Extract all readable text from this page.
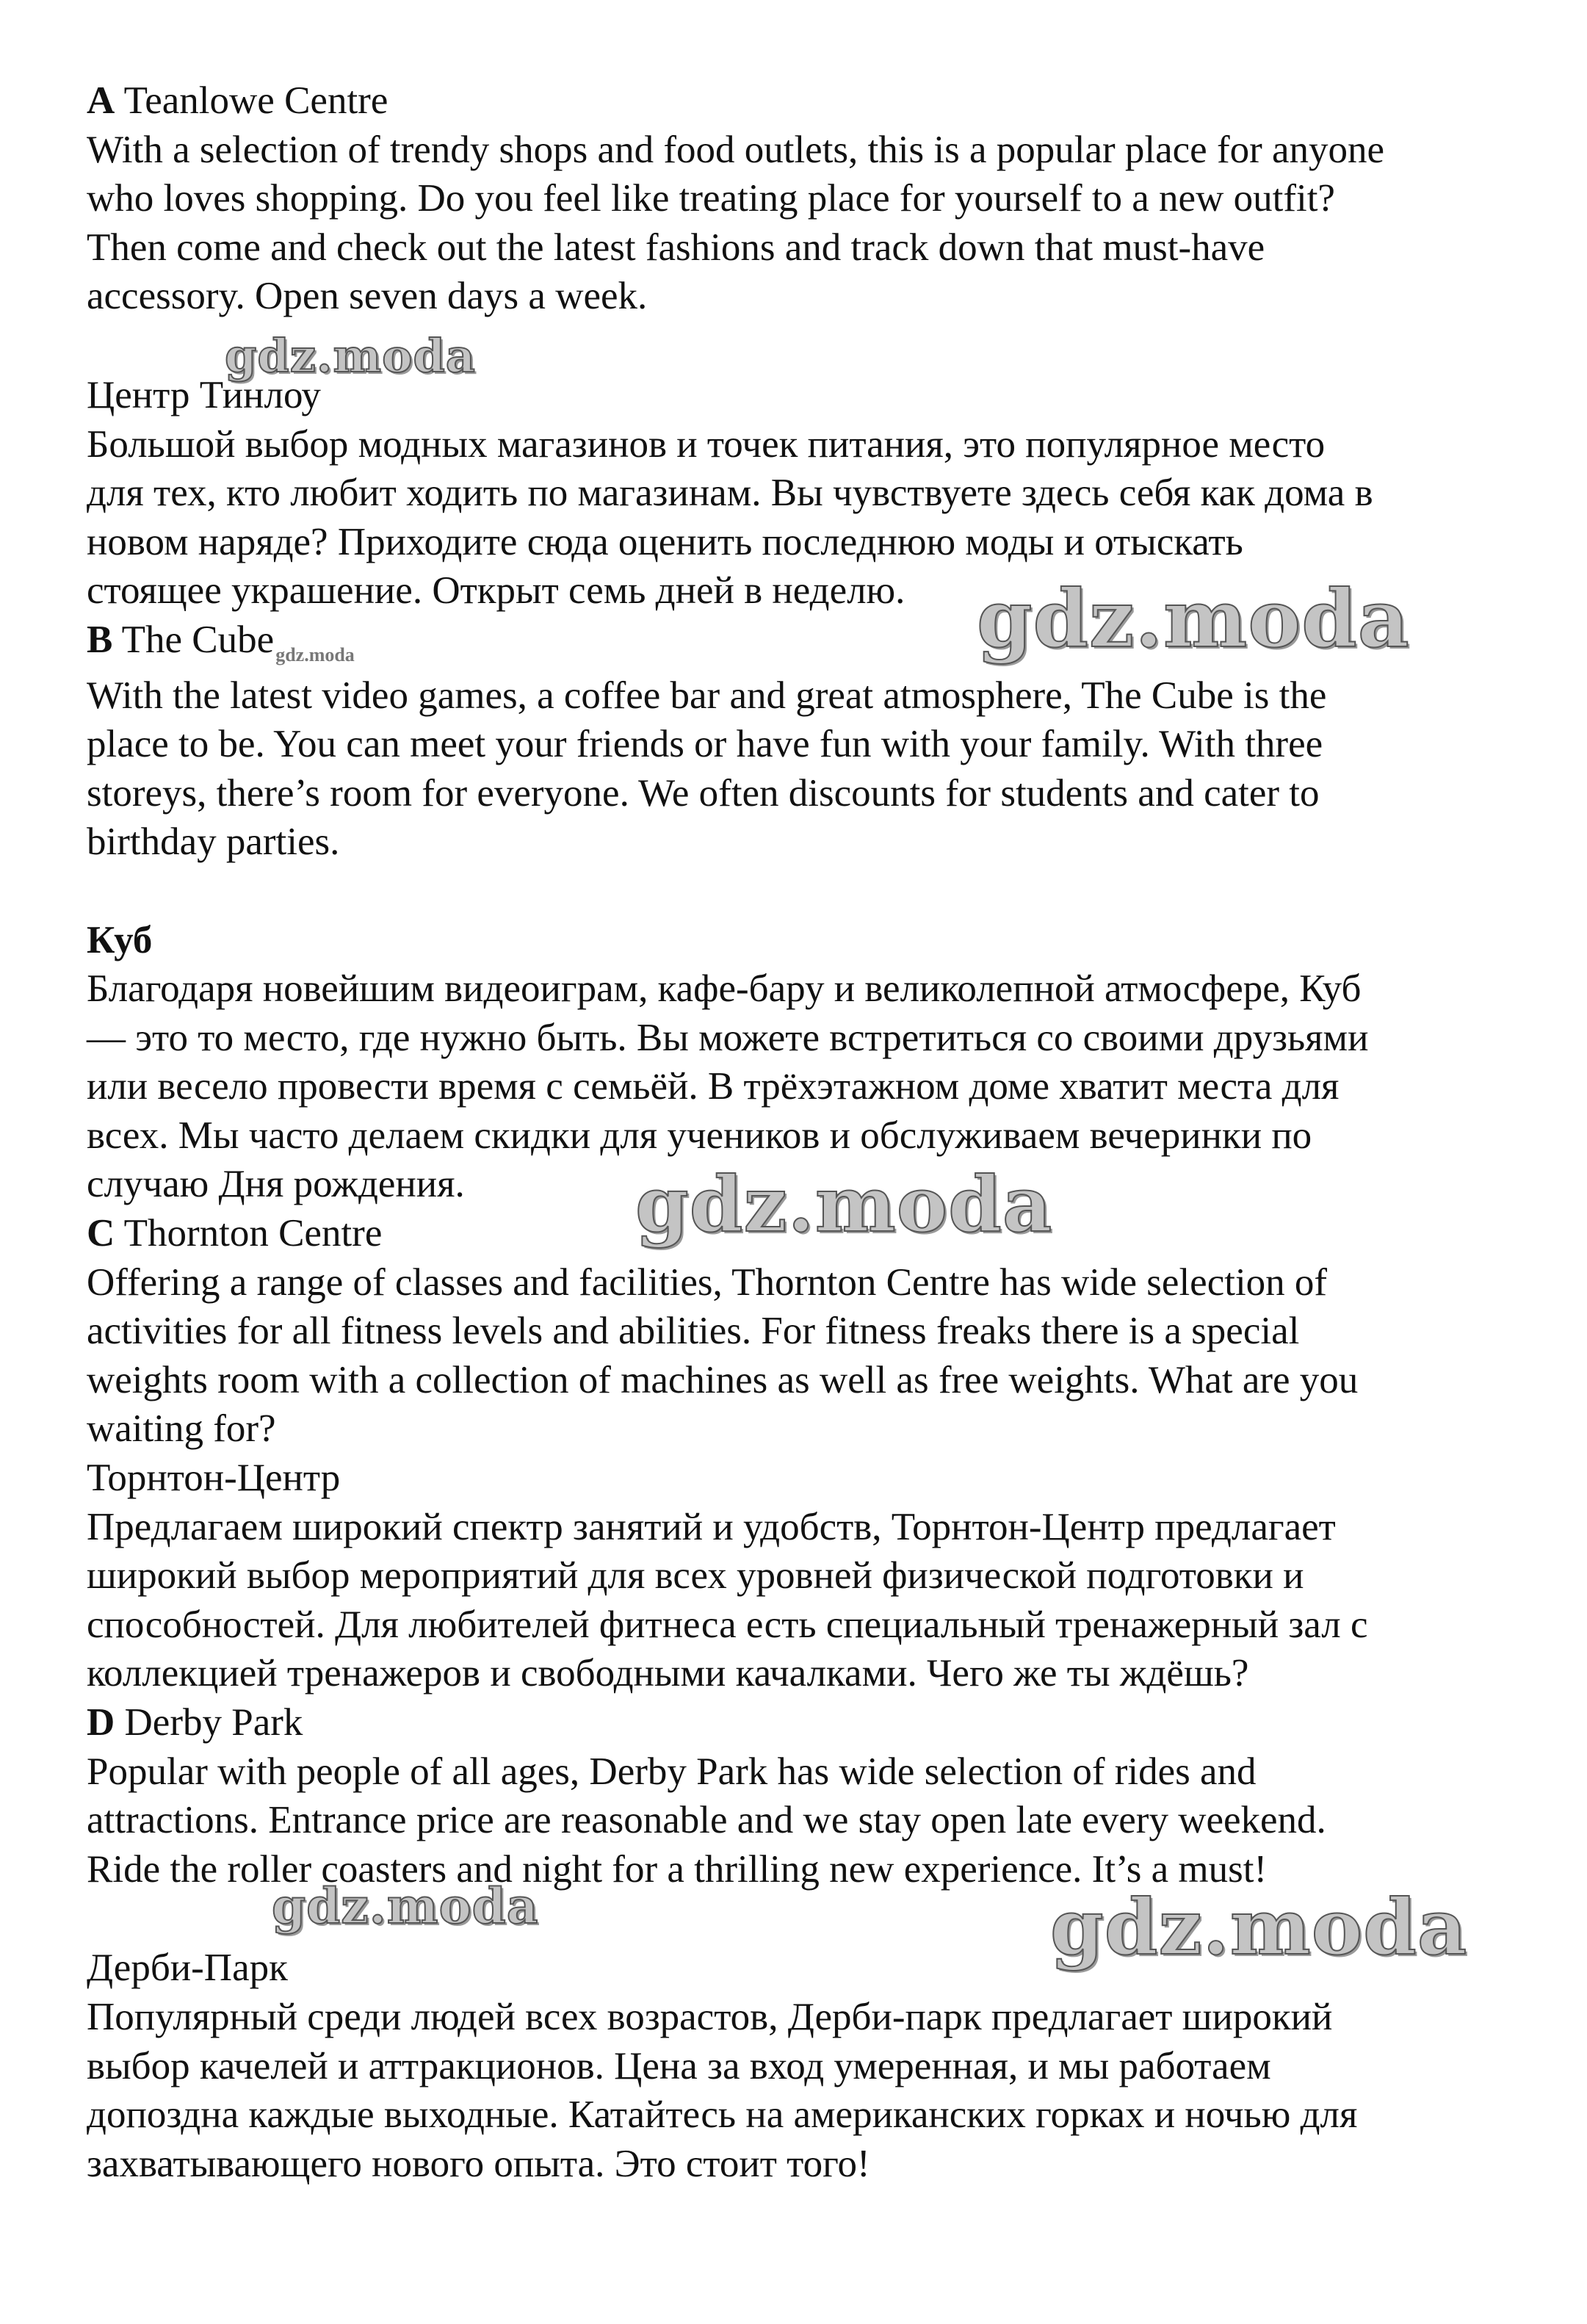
A Teanlowe Centre
With a selection of trendy shops and food outlets, this is a popular place for anyone
who loves shopping. Do you feel like treating place for yourself to a new outfit?
Then come and check out the latest fashions and track down that must-have
accessory. Open seven days a week.
Центр Тинлоу
Большой выбор модных магазинов и точек питания, это популярное место
для тех, кто любит ходить по магазинам. Вы чувствуете здесь себя как дома в
новом наряде? Приходите сюда оценить последнюю моды и отыскать
стоящее украшение. Открыт семь дней в неделю.
B The Cube$_{gdz.moda}$
With the latest video games, a coffee bar and great atmosphere, The Cube is the
place to be. You can meet your friends or have fun with your family. With three
storeys, there’s room for everyone. We often discounts for students and cater to
birthday parties.
Куб
Благодаря новейшим видеоиграм, кафе-бару и великолепной атмосфере, Куб
— это то место, где нужно быть. Вы можете встретиться со своими друзьями
или весело провести время с семьёй. В трёхэтажном доме хватит места для
всех. Мы часто делаем скидки для учеников и обслуживаем вечеринки по
случаю Дня рождения.
C Thornton Centre
Offering a range of classes and facilities, Thornton Centre has wide selection of
activities for all fitness levels and abilities. For fitness freaks there is a special
weights room with a collection of machines as well as free weights. What are you
waiting for?
Торнтон-Центр
Предлагаем широкий спектр занятий и удобств, Торнтон-Центр предлагает
широкий выбор мероприятий для всех уровней физической подготовки и
способностей. Для любителей фитнеса есть специальный тренажерный зал с
коллекцией тренажеров и свободными качалками. Чего же ты ждёшь?
D Derby Park
Popular with people of all ages, Derby Park has wide selection of rides and
attractions. Entrance price are reasonable and we stay open late every weekend.
Ride the roller coasters and night for a thrilling new experience. It’s a must!
Дерби-Парк
Популярный среди людей всех возрастов, Дерби-парк предлагает широкий
выбор качелей и аттракционов. Цена за вход умеренная, и мы работаем
допоздна каждые выходные. Катайтесь на американских горках и ночью для
захватывающего нового опыта. Это стоит того!
gdz.moda
gdz.moda
gdz.moda
gdz.moda	gdz.moda
